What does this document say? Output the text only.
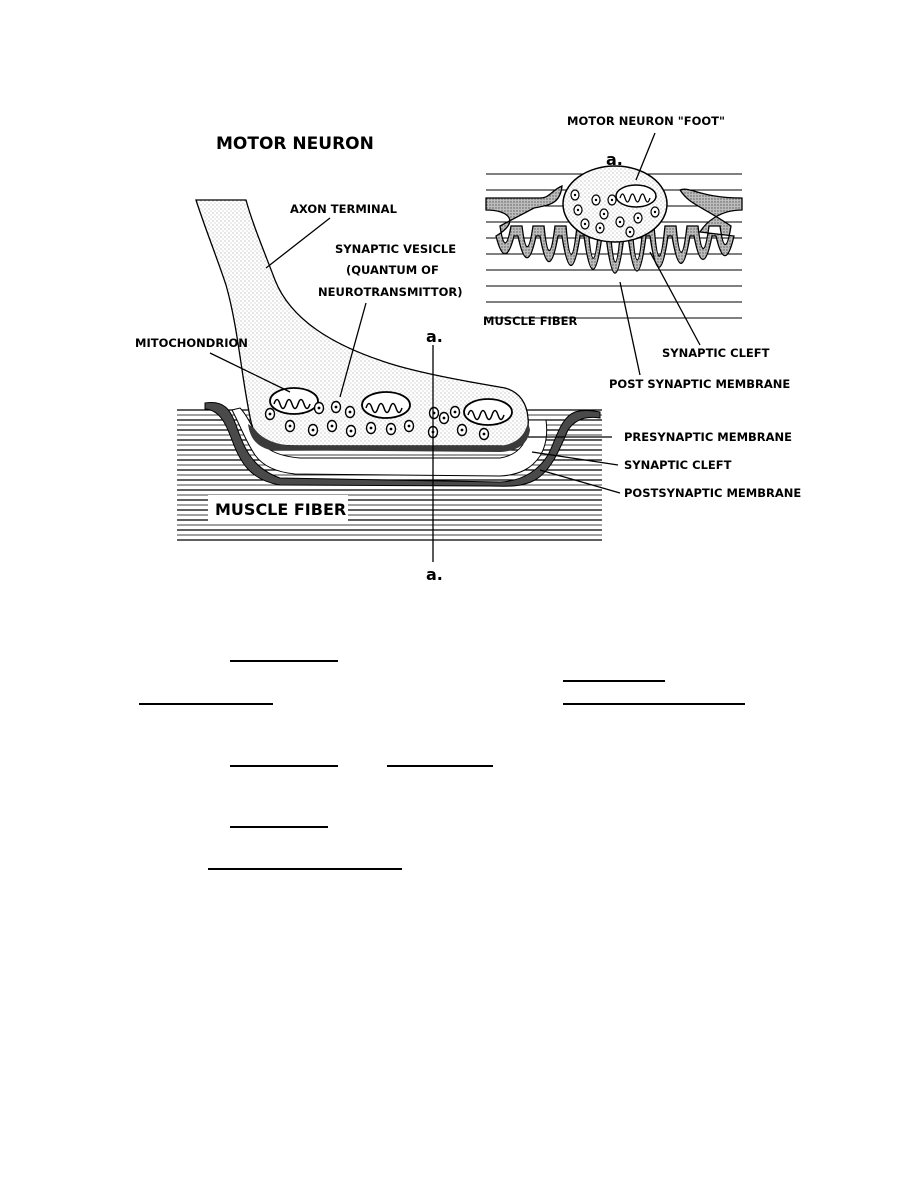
MUSCLE FIBER
a.
a.
MOTOR NEURON
AXON TERMINAL
SYNAPTIC VESICLE
(QUANTUM OF
NEUROTRANSMITTOR)
MITOCHONDRION
PRESYNAPTIC MEMBRANE
SYNAPTIC CLEFT
POSTSYNAPTIC MEMBRANE
a.
MOTOR NEURON "FOOT"
MUSCLE FIBER
SYNAPTIC CLEFT
POST SYNAPTIC MEMBRANE
